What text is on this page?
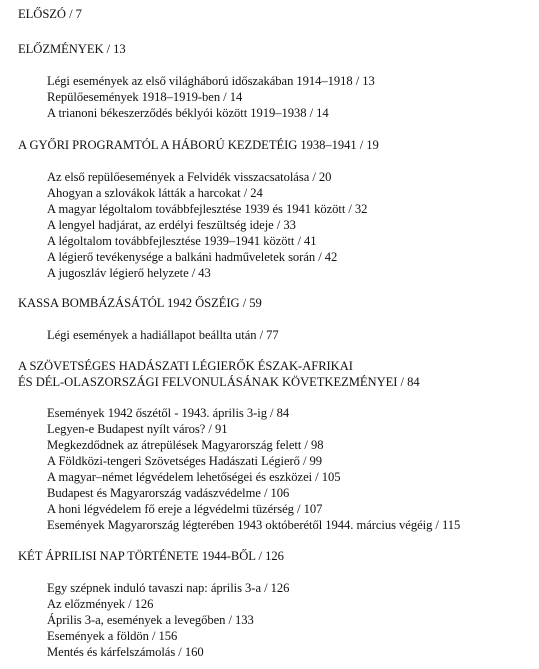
ELŐSZÓ / 7
ELŐZMÉNYEK / 13
Légi események az első világháború időszakában 1914–1918 / 13
Repülőesemények 1918–1919-ben / 14
A trianoni békeszerződés béklyói között 1919–1938 / 14
A GYŐRI PROGRAMTÓL A HÁBORÚ KEZDETÉIG 1938–1941 / 19
Az első repülőesemények a Felvidék visszacsatolása / 20
Ahogyan a szlovákok látták a harcokat / 24
A magyar légoltalom továbbfejlesztése 1939 és 1941 között / 32
A lengyel hadjárat, az erdélyi feszültség ideje / 33
A légoltalom továbbfejlesztése 1939–1941 között / 41
A légierő tevékenysége a balkáni hadműveletek során / 42
A jugoszláv légierő helyzete / 43
KASSA BOMBÁZÁSÁTÓL 1942 ŐSZÉIG / 59
Légi események a hadiállapot beállta után / 77
A SZÖVETSÉGES HADÁSZATI LÉGIERŐK ÉSZAK-AFRIKAI
ÉS DÉL-OLASZORSZÁGI FELVONULÁSÁNAK KÖVETKEZMÉNYEI / 84
Események 1942 őszétől - 1943. április 3-ig / 84
Legyen-e Budapest nyílt város? / 91
Megkezdődnek az átrepülések Magyarország felett / 98
A Földközi-tengeri Szövetséges Hadászati Légierő / 99
A magyar–német légvédelem lehetőségei és eszközei / 105
Budapest és Magyarország vadászvédelme / 106
A honi légvédelem fő ereje a légvédelmi tüzérség / 107
Események Magyarország légterében 1943 októberétől 1944. március végéig / 115
KÉT ÁPRILISI NAP TÖRTÉNETE 1944-BŐL / 126
Egy szépnek induló tavaszi nap: április 3-a / 126
Az előzmények / 126
Április 3-a, események a levegőben / 133
Események a földön / 156
Mentés és kárfelszámolás / 160
